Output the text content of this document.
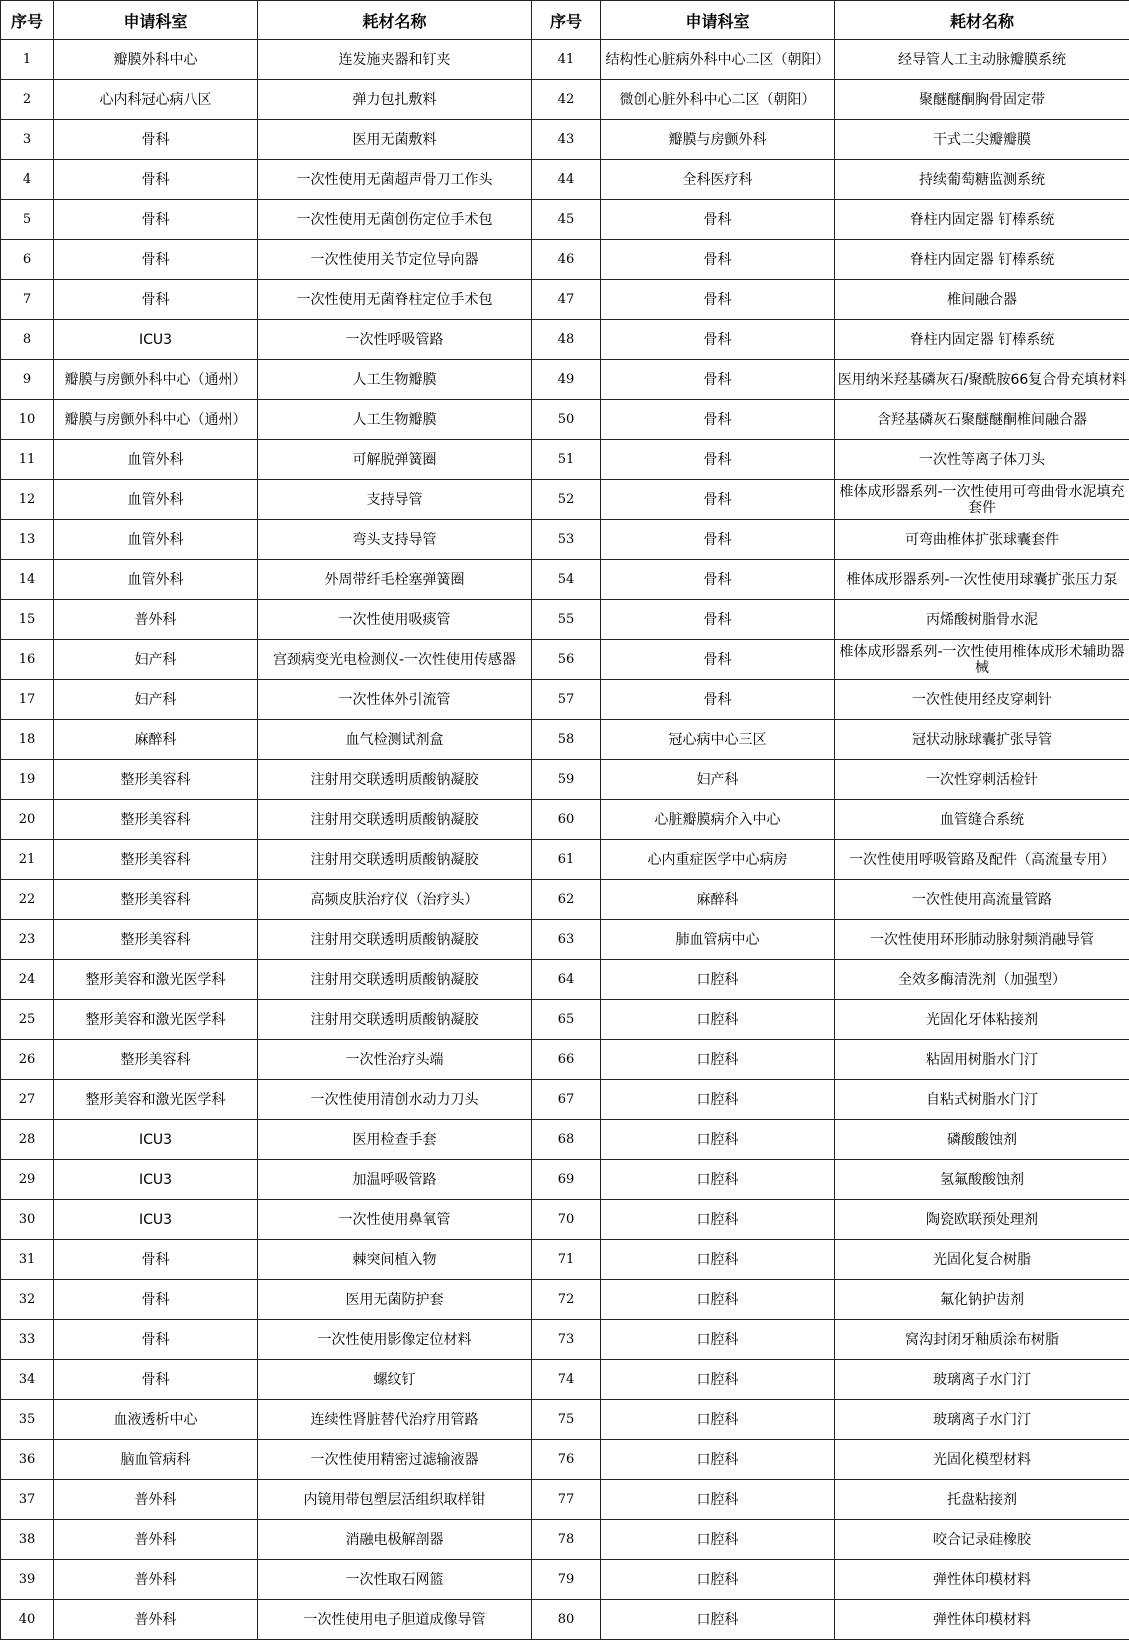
序号	申请科室	耗材名称	序号	申请科室	耗材名称
1	瓣膜外科中心	连发施夹器和钉夹	41	结构性心脏病外科中心二区（朝阳）	经导管人工主动脉瓣膜系统
2	心内科冠心病八区	弹力包扎敷料	42	微创心脏外科中心二区（朝阳）	聚醚醚酮胸骨固定带
3	骨科	医用无菌敷料	43	瓣膜与房颤外科	干式二尖瓣瓣膜
4	骨科	一次性使用无菌超声骨刀工作头	44	全科医疗科	持续葡萄糖监测系统
5	骨科	一次性使用无菌创伤定位手术包	45	骨科	脊柱内固定器 钉棒系统
6	骨科	一次性使用关节定位导向器	46	骨科	脊柱内固定器 钉棒系统
7	骨科	一次性使用无菌脊柱定位手术包	47	骨科	椎间融合器
8	ICU3	一次性呼吸管路	48	骨科	脊柱内固定器 钉棒系统
9	瓣膜与房颤外科中心（通州）	人工生物瓣膜	49	骨科	医用纳米羟基磷灰石/聚酰胺66复合骨充填材料
10	瓣膜与房颤外科中心（通州）	人工生物瓣膜	50	骨科	含羟基磷灰石聚醚醚酮椎间融合器
11	血管外科	可解脱弹簧圈	51	骨科	一次性等离子体刀头
12	血管外科	支持导管	52	骨科	椎体成形器系列-一次性使用可弯曲骨水泥填充套件
13	血管外科	弯头支持导管	53	骨科	可弯曲椎体扩张球囊套件
14	血管外科	外周带纤毛栓塞弹簧圈	54	骨科	椎体成形器系列-一次性使用球囊扩张压力泵
15	普外科	一次性使用吸痰管	55	骨科	丙烯酸树脂骨水泥
16	妇产科	宫颈病变光电检测仪-一次性使用传感器	56	骨科	椎体成形器系列-一次性使用椎体成形术辅助器械
17	妇产科	一次性体外引流管	57	骨科	一次性使用经皮穿刺针
18	麻醉科	血气检测试剂盒	58	冠心病中心三区	冠状动脉球囊扩张导管
19	整形美容科	注射用交联透明质酸钠凝胶	59	妇产科	一次性穿刺活检针
20	整形美容科	注射用交联透明质酸钠凝胶	60	心脏瓣膜病介入中心	血管缝合系统
21	整形美容科	注射用交联透明质酸钠凝胶	61	心内重症医学中心病房	一次性使用呼吸管路及配件（高流量专用）
22	整形美容科	高频皮肤治疗仪（治疗头）	62	麻醉科	一次性使用高流量管路
23	整形美容科	注射用交联透明质酸钠凝胶	63	肺血管病中心	一次性使用环形肺动脉射频消融导管
24	整形美容和激光医学科	注射用交联透明质酸钠凝胶	64	口腔科	全效多酶清洗剂（加强型）
25	整形美容和激光医学科	注射用交联透明质酸钠凝胶	65	口腔科	光固化牙体粘接剂
26	整形美容科	一次性治疗头端	66	口腔科	粘固用树脂水门汀
27	整形美容和激光医学科	一次性使用清创水动力刀头	67	口腔科	自粘式树脂水门汀
28	ICU3	医用检查手套	68	口腔科	磷酸酸蚀剂
29	ICU3	加温呼吸管路	69	口腔科	氢氟酸酸蚀剂
30	ICU3	一次性使用鼻氧管	70	口腔科	陶瓷欧联预处理剂
31	骨科	棘突间植入物	71	口腔科	光固化复合树脂
32	骨科	医用无菌防护套	72	口腔科	氟化钠护齿剂
33	骨科	一次性使用影像定位材料	73	口腔科	窝沟封闭牙釉质涂布树脂
34	骨科	螺纹钉	74	口腔科	玻璃离子水门汀
35	血液透析中心	连续性肾脏替代治疗用管路	75	口腔科	玻璃离子水门汀
36	脑血管病科	一次性使用精密过滤输液器	76	口腔科	光固化模型材料
37	普外科	内镜用带包塑层活组织取样钳	77	口腔科	托盘粘接剂
38	普外科	消融电极解剖器	78	口腔科	咬合记录硅橡胶
39	普外科	一次性取石网篮	79	口腔科	弹性体印模材料
40	普外科	一次性使用电子胆道成像导管	80	口腔科	弹性体印模材料
